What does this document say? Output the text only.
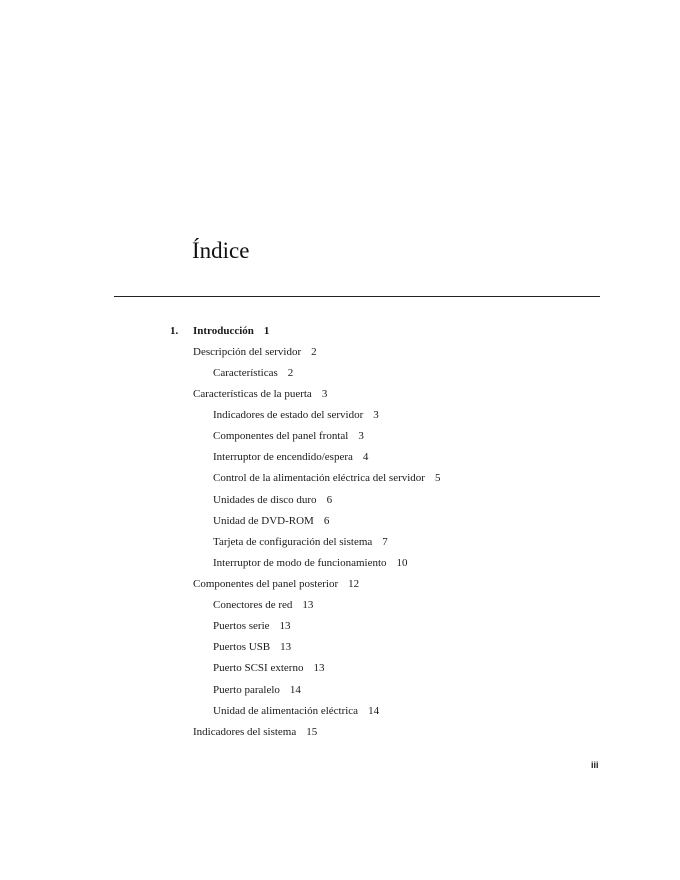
Índice
1. Introducción 1
Descripción del servidor 2
Características 2
Características de la puerta 3
Indicadores de estado del servidor 3
Componentes del panel frontal 3
Interruptor de encendido/espera 4
Control de la alimentación eléctrica del servidor 5
Unidades de disco duro 6
Unidad de DVD-ROM 6
Tarjeta de configuración del sistema 7
Interruptor de modo de funcionamiento 10
Componentes del panel posterior 12
Conectores de red 13
Puertos serie 13
Puertos USB 13
Puerto SCSI externo 13
Puerto paralelo 14
Unidad de alimentación eléctrica 14
Indicadores del sistema 15
iii
